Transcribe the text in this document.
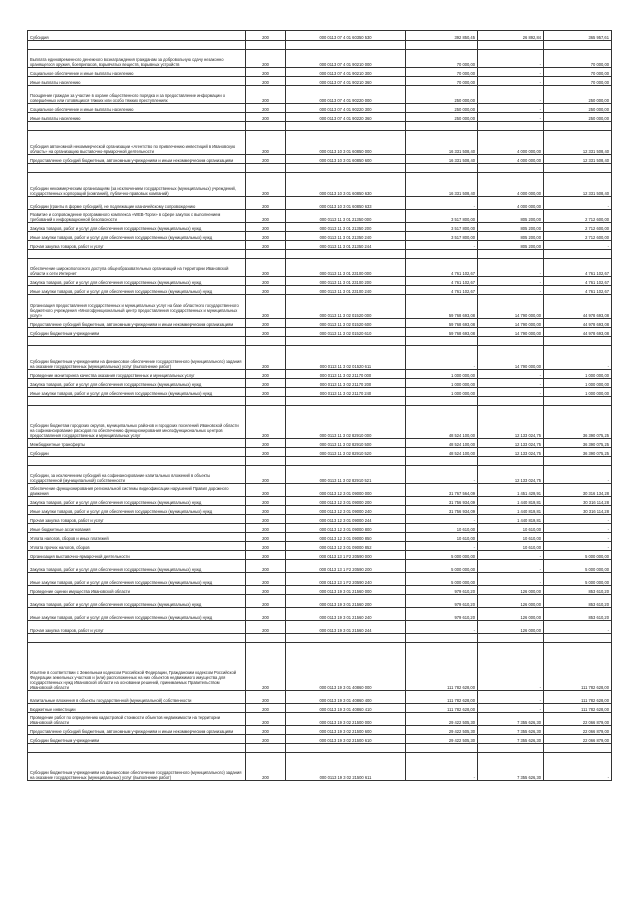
Субсидия	200	000 0113 07 4 01 60350 530	392 850,45	26 892,84	365 957,61

Выплата единовременного денежного вознаграждения гражданам за добровольную сдачу незаконно хранящегося оружия, боеприпасов, взрывчатых веществ, взрывных устройств	200	000 0113 07 4 01 90210 000	70 000,00	-	70 000,00
Социальное обеспечение и иные выплаты населению	200	000 0113 07 4 01 90210 300	70 000,00	-	70 000,00
Иные выплаты населению	200	000 0113 07 4 01 90210 360	70 000,00	-	70 000,00
Поощрение граждан за участие в охране общественного порядка и за предоставление информации о совершённых или готовящихся тяжких или особо тяжких преступлениях	200	000 0113 07 4 01 90220 000	250 000,00	-	250 000,00
Социальное обеспечение и иные выплаты населению	200	000 0113 07 4 01 90220 300	250 000,00	-	250 000,00
Иные выплаты населению	200	000 0113 07 4 01 90220 360	250 000,00	-	250 000,00

Субсидия автономной некоммерческой организации «Агентство по привлечению инвестиций в Ивановскую область» на организацию выставочно-ярмарочной деятельности	200	000 0113 10 3 01 60850 000	16 331 508,40	4 000 000,00	12 331 508,40
Предоставление субсидий бюджетным, автономным учреждениям и иным некоммерческим организациям	200	000 0113 10 3 01 60850 600	16 331 508,40	4 000 000,00	12 331 508,40

Субсидии некоммерческим организациям (за исключением государственных (муниципальных) учреждений, государственных корпораций (компаний), публично-правовых компаний)	200	000 0113 10 3 01 60850 630	16 331 508,40	4 000 000,00	12 331 508,40
Субсидии (гранты в форме субсидий), не подлежащие казначейскому сопровождению	200	000 0113 10 3 01 60850 633	-	4 000 000,00	-
Развитие и сопровождение программного комплекса «WEB-Торги» в сфере закупок с выполнением требований к информационной безопасности	200	000 0113 11 3 01 21350 000	3 517 800,00	805 200,00	2 712 600,00
Закупка товаров, работ и услуг для обеспечения государственных (муниципальных) нужд	200	000 0113 11 3 01 21350 200	3 517 800,00	805 200,00	2 712 600,00
Иные закупки товаров, работ и услуг для обеспечения государственных (муниципальных) нужд	200	000 0113 11 3 01 21350 240	3 517 800,00	805 200,00	2 712 600,00
Прочая закупка товаров, работ и услуг	200	000 0113 11 3 01 21350 244	-	805 200,00	-

Обеспечение широкополосного доступа общеобразовательных организаций на территории Ивановской области к сети Интернет	200	000 0113 11 3 01 23100 000	4 761 102,67	-	4 761 102,67
Закупка товаров, работ и услуг для обеспечения государственных (муниципальных) нужд	200	000 0113 11 3 01 23100 200	4 761 102,67	-	4 761 102,67
Иные закупки товаров, работ и услуг для обеспечения государственных (муниципальных) нужд	200	000 0113 11 3 01 23100 240	4 761 102,67	-	4 761 102,67
Организация предоставления государственных и муниципальных услуг на базе областного государственного бюджетного учреждения «Многофункциональный центр предоставления государственных и муниципальных услуг»	200	000 0113 11 3 02 01520 000	59 768 693,08	14 790 000,00	44 978 693,08
Предоставление субсидий бюджетным, автономным учреждениям и иным некоммерческим организациям	200	000 0113 11 3 02 01520 600	59 768 693,08	14 790 000,00	44 978 693,08
Субсидии бюджетным учреждениям	200	000 0113 11 3 02 01520 610	59 768 693,08	14 790 000,00	44 978 693,08

Субсидии бюджетным учреждениям на финансовое обеспечение государственного (муниципального) задания на оказание государственных (муниципальных) услуг (выполнение работ)	200	000 0113 11 3 02 01520 611	-	14 790 000,00	-
Проведение мониторинга качества оказания государственных и муниципальных услуг	200	000 0113 11 3 02 21170 000	1 000 000,00	-	1 000 000,00
Закупка товаров, работ и услуг для обеспечения государственных (муниципальных) нужд	200	000 0113 11 3 02 21170 200	1 000 000,00	-	1 000 000,00
Иные закупки товаров, работ и услуг для обеспечения государственных (муниципальных) нужд	200	000 0113 11 3 02 21170 240	1 000 000,00	-	1 000 000,00

Субсидии бюджетам городских округов, муниципальных районов и городских поселений Ивановской области на софинансирование расходов по обеспечению функционирования многофункциональных центров предоставления государственных и муниципальных услуг	200	000 0113 11 3 02 82910 000	48 524 100,00	12 133 024,75	36 390 075,25
Межбюджетные трансферты	200	000 0113 11 3 02 82910 500	48 524 100,00	12 133 024,75	36 390 075,25
Субсидии	200	000 0113 11 3 02 82910 520	48 524 100,00	12 133 024,75	36 390 075,25

Субсидии, за исключением субсидий на софинансирование капитальных вложений в объекты государственной (муниципальной) собственности	200	000 0113 11 3 02 82910 521	-	12 133 024,75	-
Обеспечение функционирования региональной системы видеофиксации нарушений Правил дорожного движения	200	000 0113 12 3 01 09000 000	31 767 564,09	1 451 429,91	30 316 134,28
Закупка товаров, работ и услуг для обеспечения государственных (муниципальных) нужд	200	000 0113 12 3 01 09000 200	31 756 934,09	1 440 819,81	30 316 114,28
Иные закупки товаров, работ и услуг для обеспечения государственных (муниципальных) нужд	200	000 0113 12 3 01 09000 240	31 756 934,09	1 440 819,81	30 316 114,28
Прочая закупка товаров, работ и услуг	200	000 0113 12 3 01 09000 244	-	1 440 819,81	-
Иные бюджетные ассигнования	200	000 0113 12 3 01 09000 800	10 610,00	10 610,00	-
Уплата налогов, сборов и иных платежей	200	000 0113 12 3 01 09000 850	10 610,00	10 610,00	-
Уплата прочих налогов, сборов	200	000 0113 12 3 01 09000 852	-	10 610,00	-
Организация выставочно-ярмарочной деятельности	200	000 0113 13 1 F2 20590 000	5 000 000,00	-	5 000 000,00
Закупка товаров, работ и услуг для обеспечения государственных (муниципальных) нужд	200	000 0113 13 1 F2 20590 200	5 000 000,00	-	5 000 000,00
Иные закупки товаров, работ и услуг для обеспечения государственных (муниципальных) нужд	200	000 0113 13 1 F2 20590 240	5 000 000,00	-	5 000 000,00
Проведение оценки имущества Ивановской области	200	000 0113 19 3 01 21560 000	979 610,20	126 000,00	853 610,20
Закупка товаров, работ и услуг для обеспечения государственных (муниципальных) нужд	200	000 0113 19 3 01 21560 200	979 610,20	126 000,00	853 610,20
Иные закупки товаров, работ и услуг для обеспечения государственных (муниципальных) нужд	200	000 0113 19 3 01 21560 240	979 610,20	126 000,00	853 610,20
Прочая закупка товаров, работ и услуг	200	000 0113 19 3 01 21560 244	-	126 000,00	-

Изъятие в соответствии с Земельным кодексом Российской Федерации, Гражданским кодексом Российской Федерации земельных участков и (или) расположенных на них объектов недвижимого имущества для государственных нужд Ивановской области на основании решений, принимаемых Правительством Ивановской области	200	000 0113 19 3 01 40860 000	111 782 628,00	-	111 782 628,00
Капитальные вложения в объекты государственной (муниципальной) собственности	200	000 0113 19 3 01 40860 400	111 782 628,00	-	111 782 628,00
Бюджетные инвестиции	200	000 0113 19 3 01 40860 410	111 782 628,00	-	111 782 628,00
Проведение работ по определению кадастровой стоимости объектов недвижимости на территории Ивановской области	200	000 0113 19 3 02 21500 000	29 422 505,30	7 355 626,30	22 066 879,00
Предоставление субсидий бюджетным, автономным учреждениям и иным некоммерческим организациям	200	000 0113 19 3 02 21500 600	29 422 505,30	7 355 626,30	22 066 879,00
Субсидии бюджетным учреждениям	200	000 0113 19 3 02 21500 610	29 422 505,30	7 355 626,30	22 066 879,00

Субсидии бюджетным учреждениям на финансовое обеспечение государственного (муниципального) задания на оказание государственных (муниципальных) услуг (выполнение работ)	200	000 0113 19 3 02 21500 611	-	7 355 626,30	-
